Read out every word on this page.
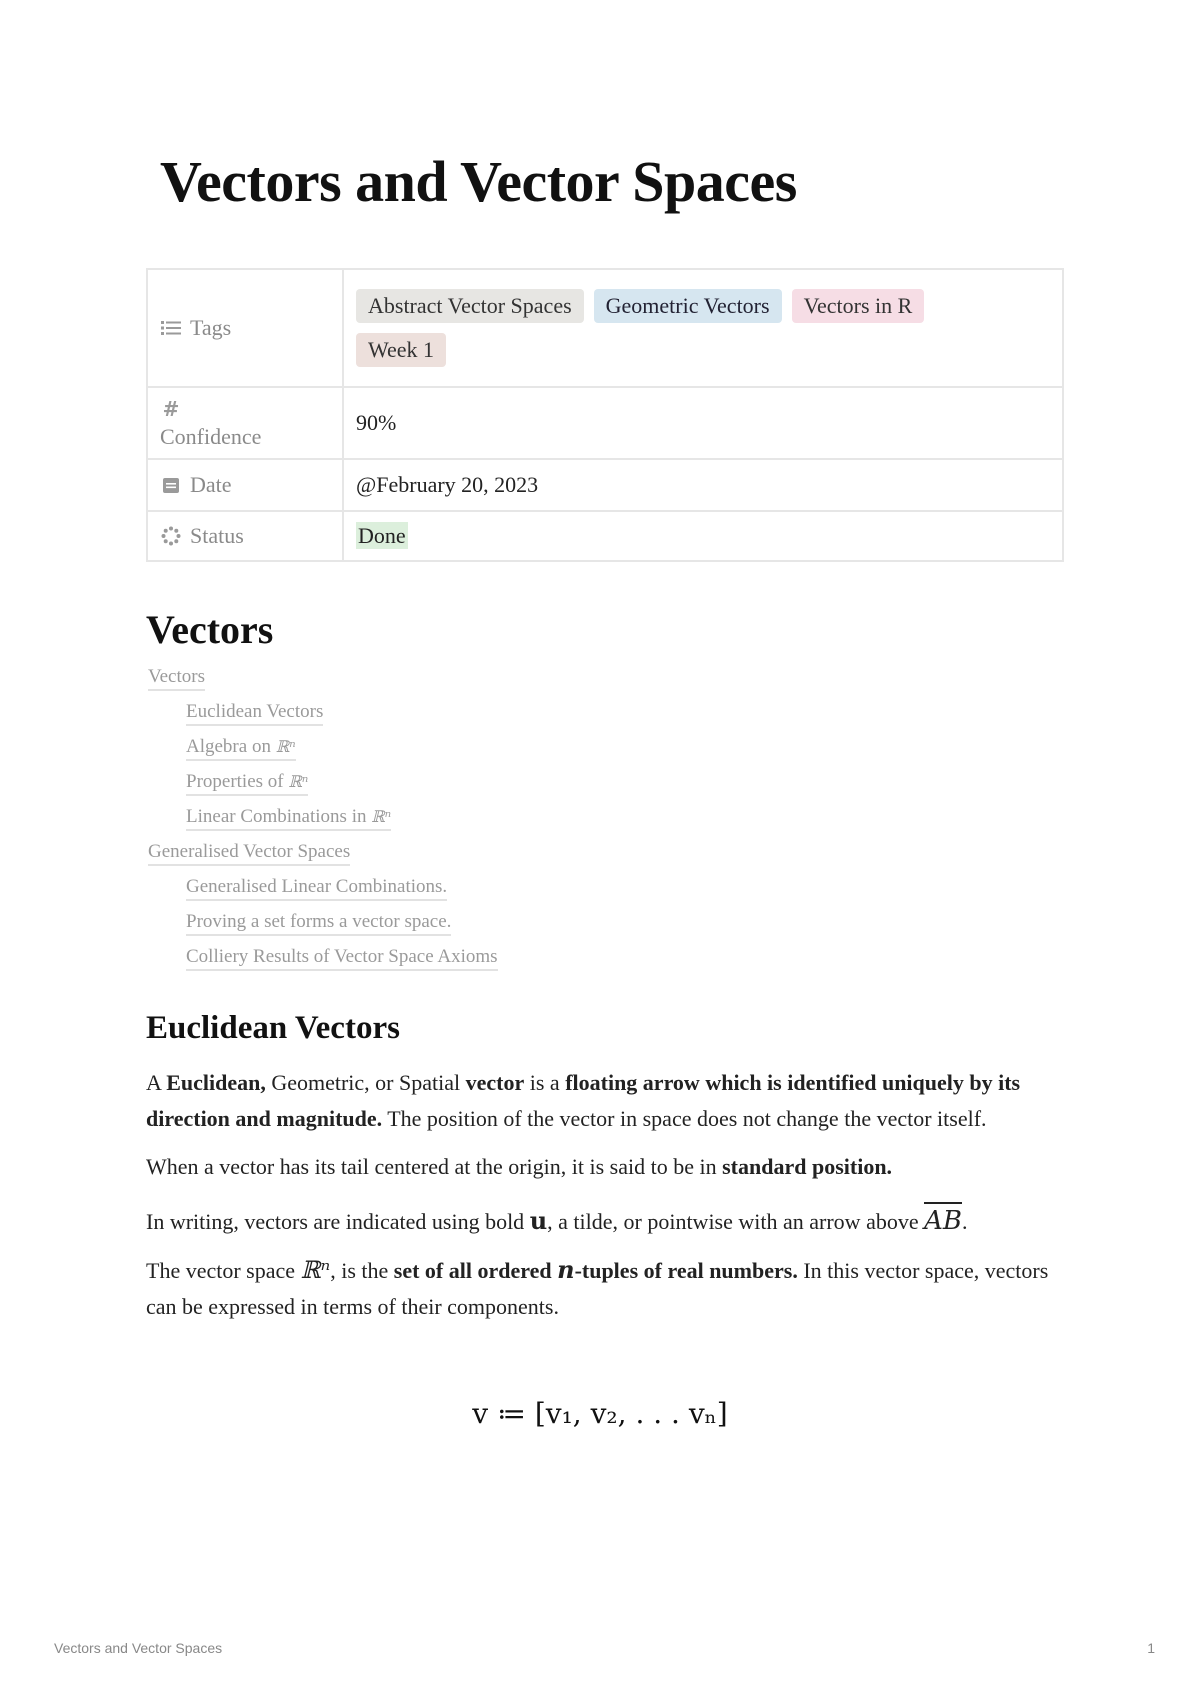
Vectors and Vector Spaces
Tags	Abstract Vector Spaces Geometric Vectors Vectors in R
Week 1

#
Confidence	90%

Date	@February 20, 2023

Status	Done
Vectors
Vectors
Euclidean Vectors
Algebra on ℝⁿ
Properties of ℝⁿ
Linear Combinations in ℝⁿ
Generalised Vector Spaces
Generalised Linear Combinations.
Proving a set forms a vector space.
Colliery Results of Vector Space Axioms
Euclidean Vectors

A Euclidean, Geometric, or Spatial vector is a floating arrow which is identified uniquely by its direction and magnitude. The position of the vector in space does not change the vector itself.

When a vector has its tail centered at the origin, it is said to be in standard position.

In writing, vectors are indicated using bold u, a tilde, or pointwise with an arrow above AB.

The vector space ℝⁿ, is the set of all ordered n-tuples of real numbers. In this vector space, vectors can be expressed in terms of their components.

v ≔ [v₁, v₂, . . . vₙ]
Vectors and Vector Spaces	1
